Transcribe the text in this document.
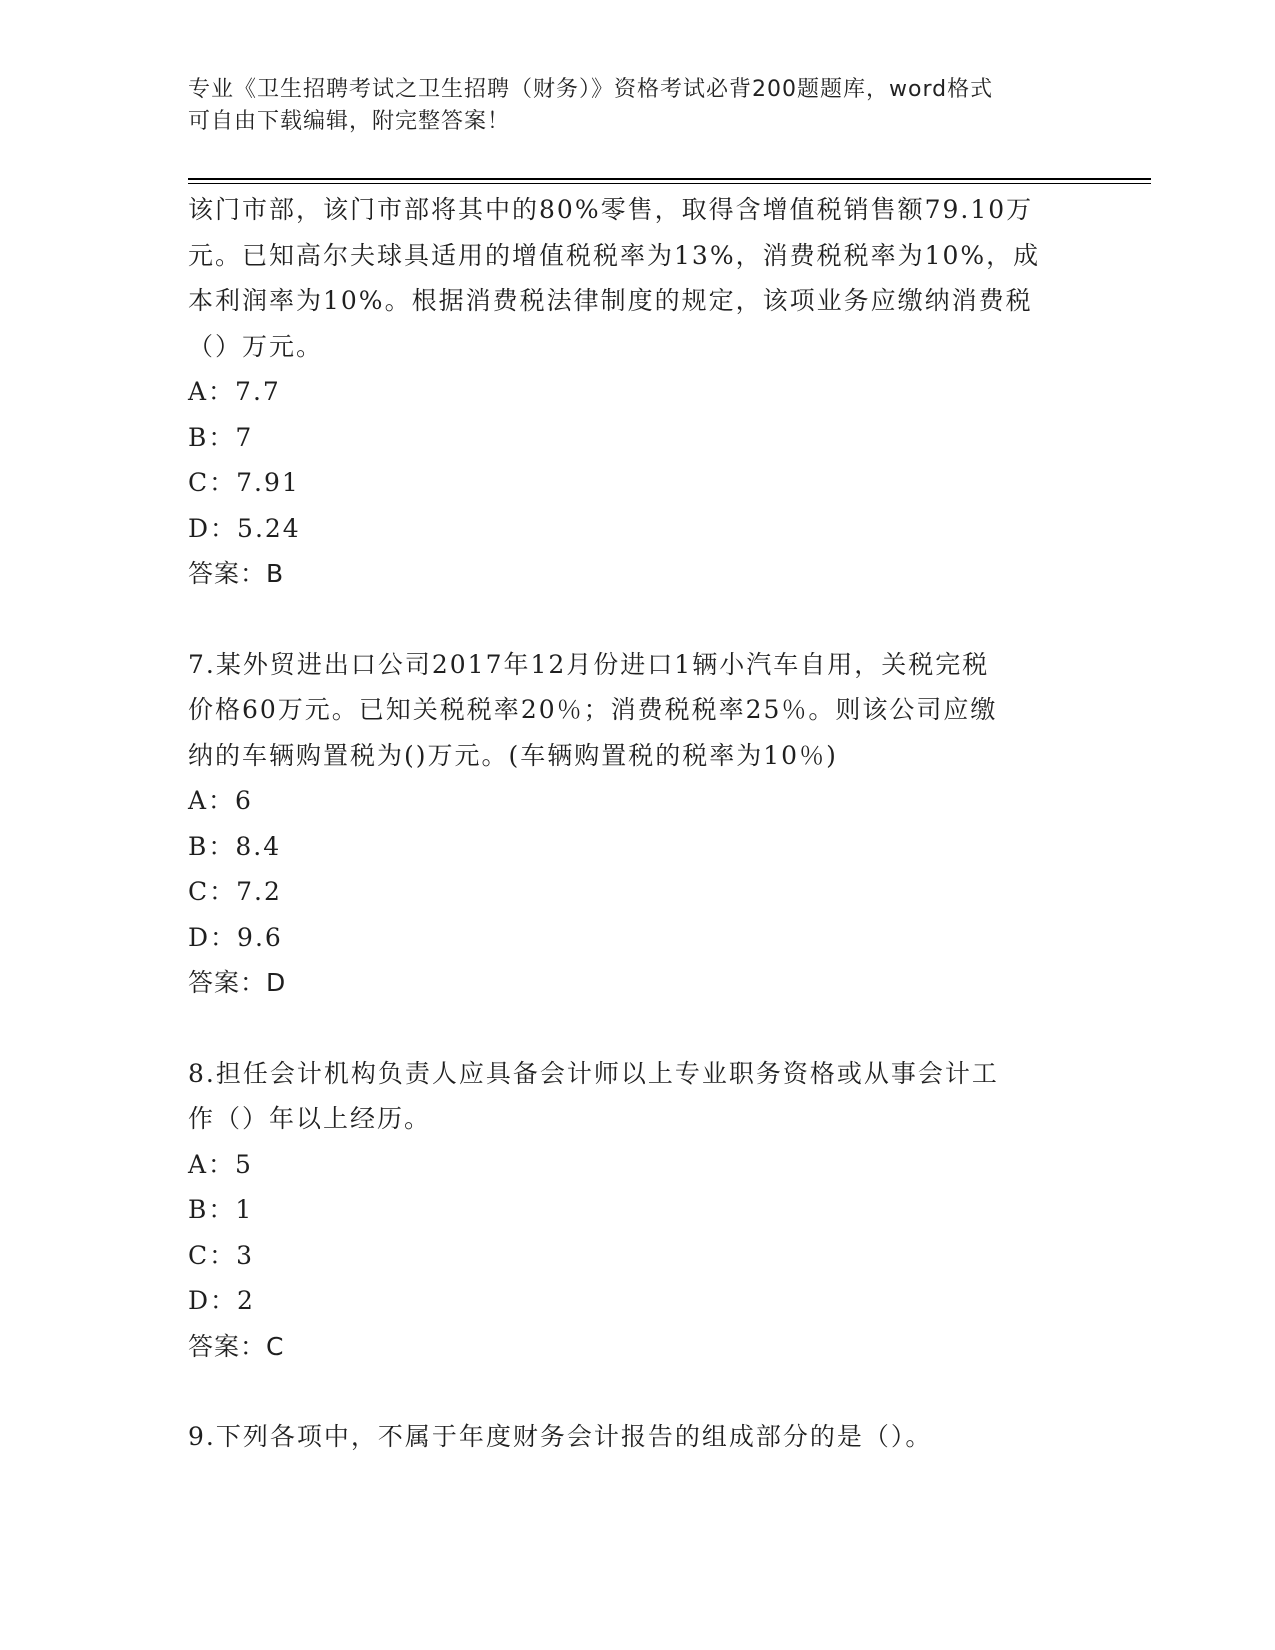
专业《卫生招聘考试之卫生招聘（财务）》资格考试必背200题题库，word格式
可自由下载编辑，附完整答案！

该门市部，该门市部将其中的80%零售，取得含增值税销售额79.10万
元。已知高尔夫球具适用的增值税税率为13%，消费税税率为10%，成
本利润率为10%。根据消费税法律制度的规定，该项业务应缴纳消费税
（）万元。

A：7.7

B：7

C：7.91

D：5.24

答案：B

7.某外贸进出口公司2017年12月份进口1辆小汽车自用，关税完税
价格60万元。已知关税税率20％；消费税税率25％。则该公司应缴
纳的车辆购置税为()万元。(车辆购置税的税率为10％)

A：6

B：8.4

C：7.2

D：9.6

答案：D

8.担任会计机构负责人应具备会计师以上专业职务资格或从事会计工
作（）年以上经历。

A：5

B：1

C：3

D：2

答案：C

9.下列各项中，不属于年度财务会计报告的组成部分的是（）。
